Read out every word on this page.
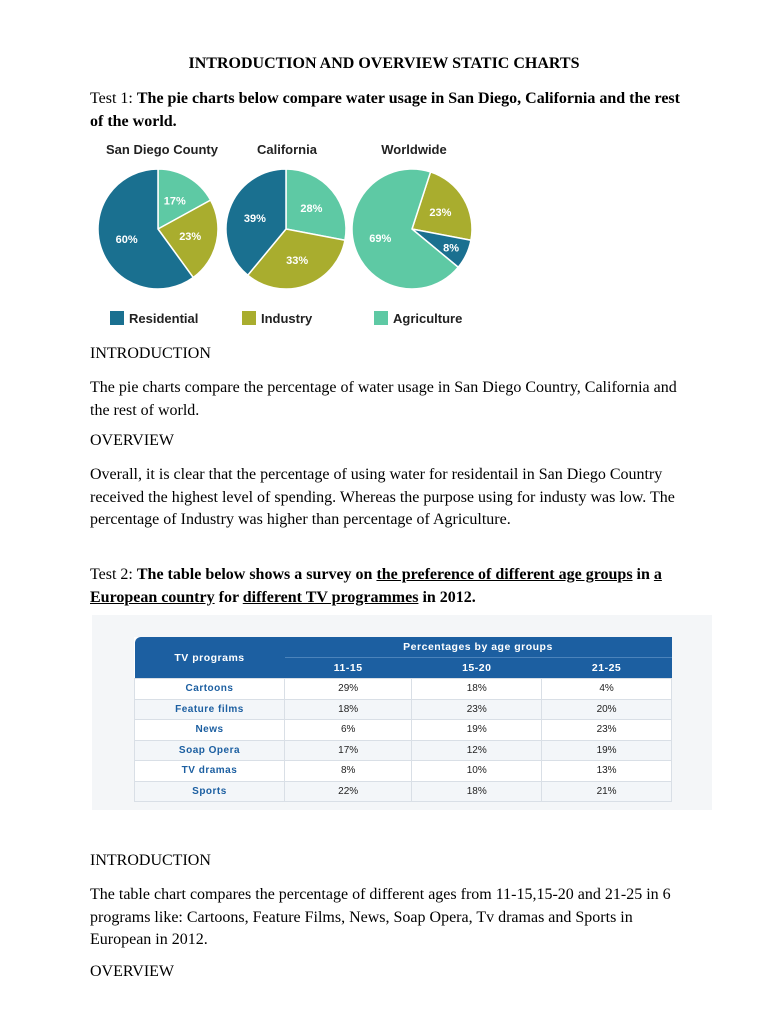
INTRODUCTION AND OVERVIEW STATIC CHARTS
Test 1: The pie charts below compare water usage in San Diego, California and the rest of the world.
San Diego County	California	Worldwide
17%
23%
60%
28%
33%
39%	23%
8%
69%
Residential	Industry	Agriculture
INTRODUCTION
The pie charts compare the percentage of water usage in San Diego Country, California and the rest of world.
OVERVIEW
Overall, it is clear that the percentage of using water for residentail in San Diego Country received the highest level of spending. Whereas the purpose using for industy was low. The percentage of Industry was higher than percentage of Agriculture.
Test 2: The table below shows a survey on the preference of different age groups in a European country for different TV programmes in 2012.
TV programs	Percentages by age groups		
	11-15	15-20	21-25
Cartoons	29%	18%	4%
Feature films	18%	23%	20%
News	6%	19%	23%
Soap Opera	17%	12%	19%
TV dramas	8%	10%	13%
Sports	22%	18%	21%
INTRODUCTION
The table chart compares the percentage of different ages from 11-15,15-20 and 21-25 in 6 programs like: Cartoons, Feature Films, News, Soap Opera, Tv dramas and Sports in European in 2012.
OVERVIEW
